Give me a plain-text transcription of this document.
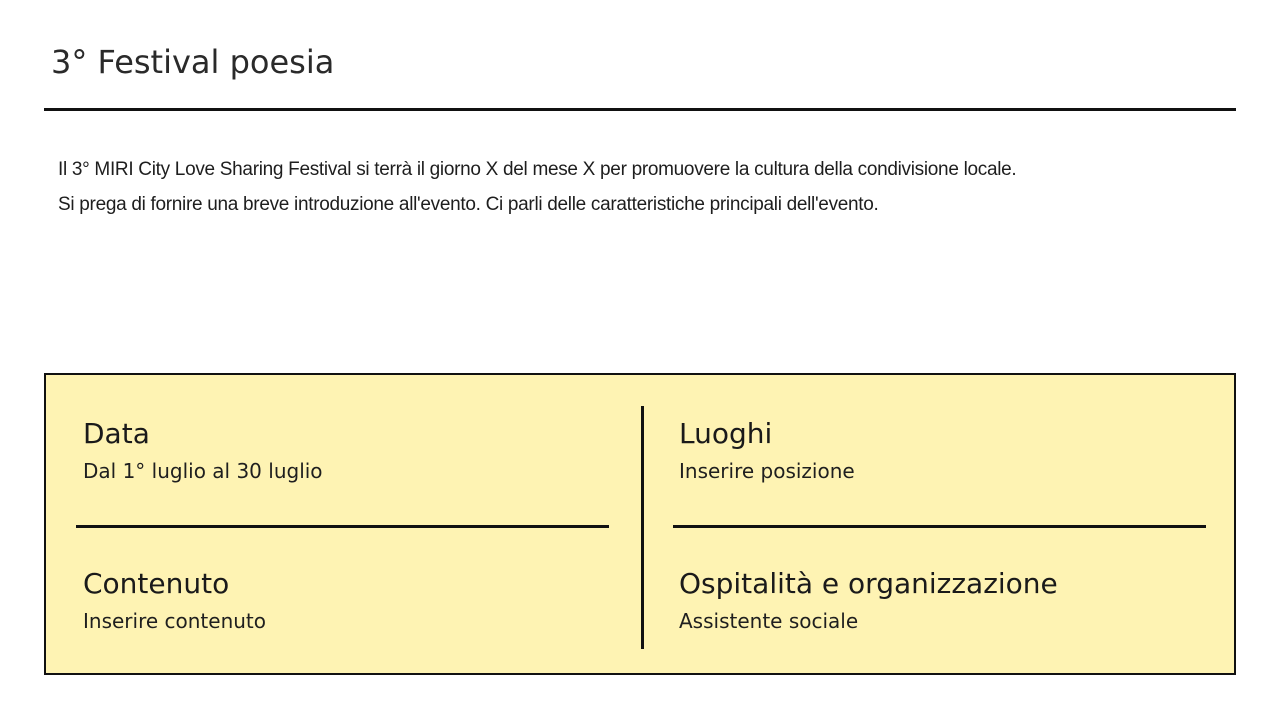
3° Festival poesia

Il 3° MIRI City Love Sharing Festival si terrà il giorno X del mese X per promuovere la cultura della condivisione locale.

Si prega di fornire una breve introduzione all'evento. Ci parli delle caratteristiche principali dell'evento.

Data
Dal 1° luglio al 30 luglio
Luoghi
Inserire posizione
Contenuto
Inserire contenuto
Ospitalità e organizzazione
Assistente sociale
